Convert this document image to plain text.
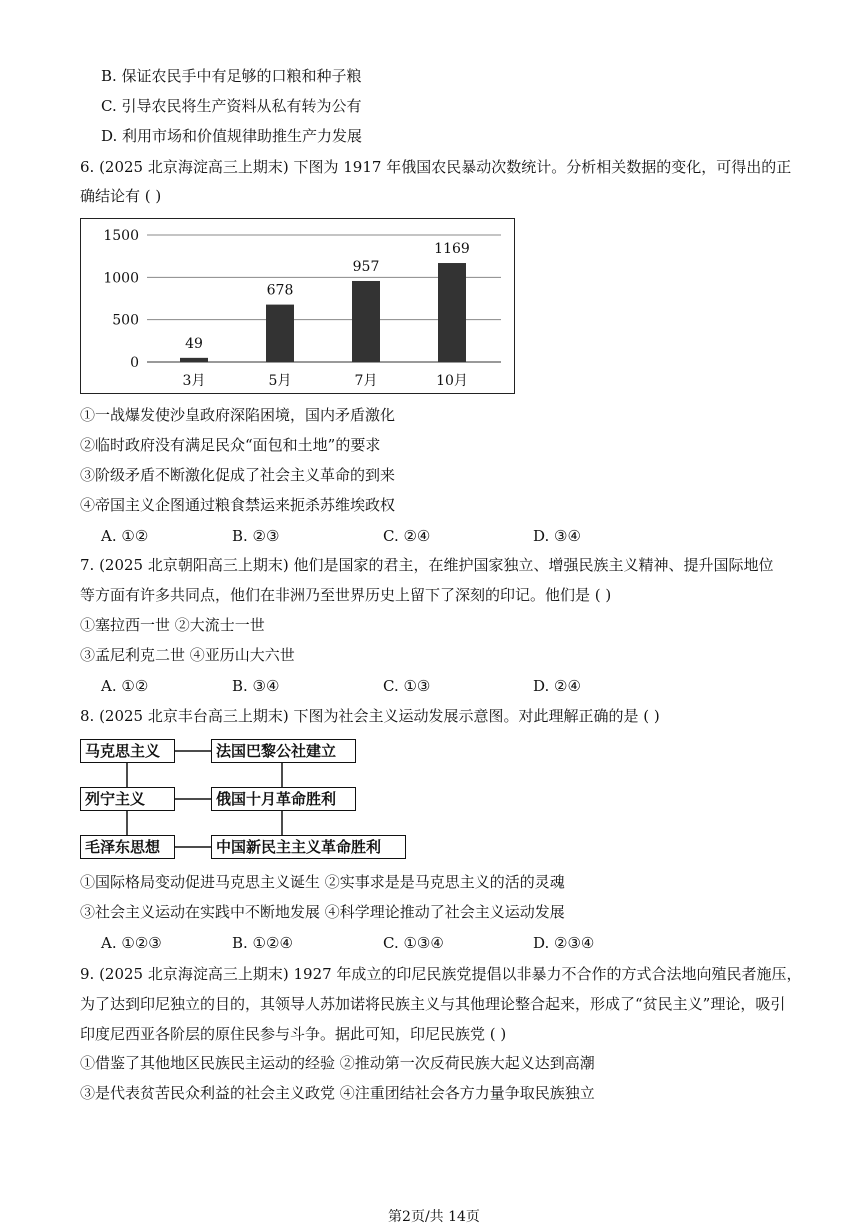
B. 保证农民手中有足够的口粮和种子粮
C. 引导农民将生产资料从私有转为公有
D. 利用市场和价值规律助推生产力发展
6. (2025 北京海淀高三上期末) 下图为 1917 年俄国农民暴动次数统计。分析相关数据的变化，可得出的正
确结论有 ( )
0
500
1000
1500
49
3月
678
5月
957
7月
1169
10月
①一战爆发使沙皇政府深陷困境，国内矛盾激化
②临时政府没有满足民众“面包和土地”的要求
③阶级矛盾不断激化促成了社会主义革命的到来
④帝国主义企图通过粮食禁运来扼杀苏维埃政权
A. ①②	B. ②③	C. ②④	D. ③④
7. (2025 北京朝阳高三上期末) 他们是国家的君主，在维护国家独立、增强民族主义精神、提升国际地位
等方面有许多共同点，他们在非洲乃至世界历史上留下了深刻的印记。他们是 ( )
①塞拉西一世 ②大流士一世
③孟尼利克二世 ④亚历山大六世
A. ①②	B. ③④	C. ①③	D. ②④
8. (2025 北京丰台高三上期末) 下图为社会主义运动发展示意图。对此理解正确的是 ( )
马克思主义
列宁主义
毛泽东思想
法国巴黎公社建立
俄国十月革命胜利
中国新民主主义革命胜利
①国际格局变动促进马克思主义诞生 ②实事求是是马克思主义的活的灵魂
③社会主义运动在实践中不断地发展 ④科学理论推动了社会主义运动发展
A. ①②③	B. ①②④	C. ①③④	D. ②③④
9. (2025 北京海淀高三上期末) 1927 年成立的印尼民族党提倡以非暴力不合作的方式合法地向殖民者施压，
为了达到印尼独立的目的，其领导人苏加诺将民族主义与其他理论整合起来，形成了“贫民主义”理论，吸引
印度尼西亚各阶层的原住民参与斗争。据此可知，印尼民族党 ( )
①借鉴了其他地区民族民主运动的经验 ②推动第一次反荷民族大起义达到高潮
③是代表贫苦民众利益的社会主义政党 ④注重团结社会各方力量争取民族独立
第2页/共 14页
